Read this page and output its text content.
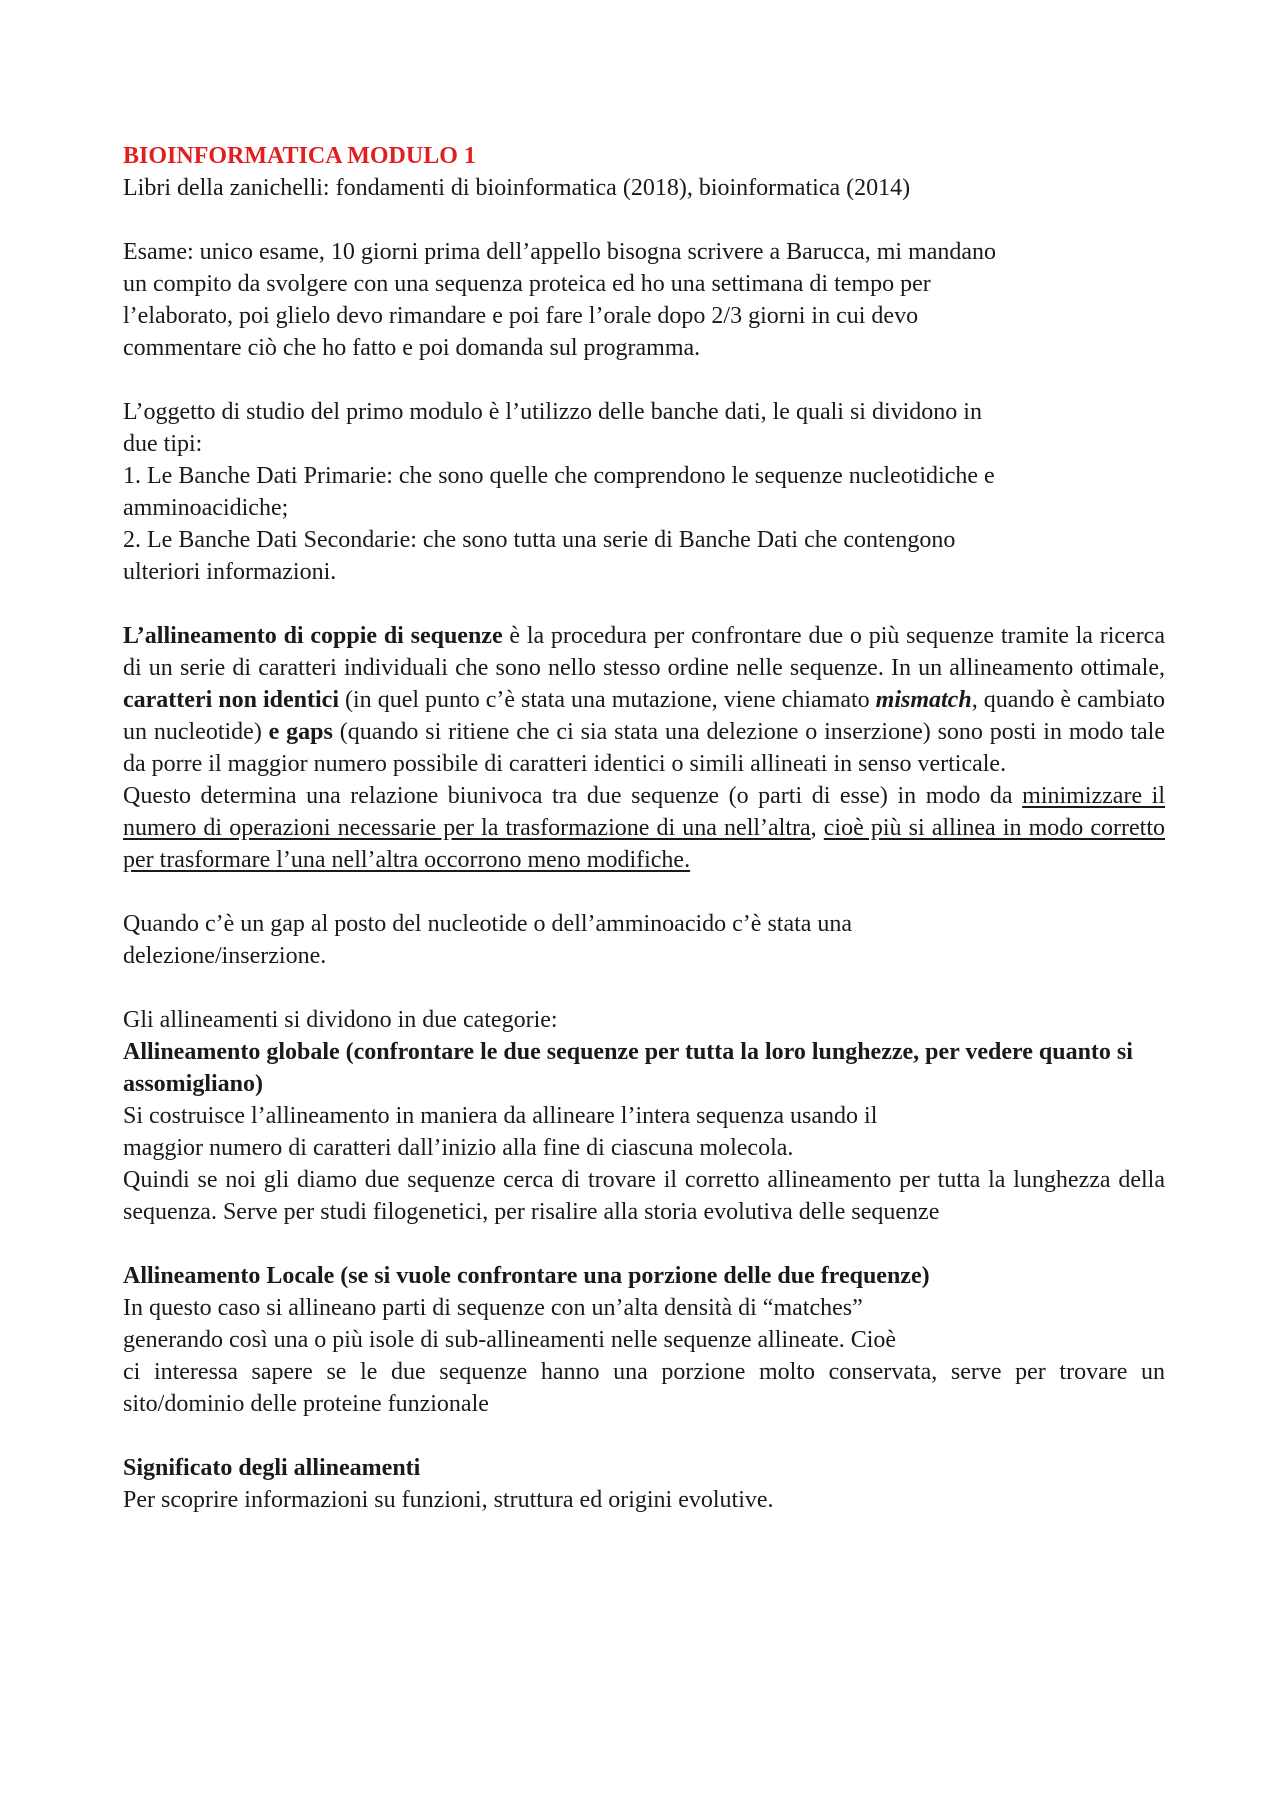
BIOINFORMATICA MODULO 1

Libri della zanichelli: fondamenti di bioinformatica (2018), bioinformatica (2014)

Esame: unico esame, 10 giorni prima dell’appello bisogna scrivere a Barucca, mi mandano

un compito da svolgere con una sequenza proteica ed ho una settimana di tempo per

l’elaborato, poi glielo devo rimandare e poi fare l’orale dopo 2/3 giorni in cui devo

commentare ciò che ho fatto e poi domanda sul programma.

L’oggetto di studio del primo modulo è l’utilizzo delle banche dati, le quali si dividono in

due tipi:

1. Le Banche Dati Primarie: che sono quelle che comprendono le sequenze nucleotidiche e

amminoacidiche;

2. Le Banche Dati Secondarie: che sono tutta una serie di Banche Dati che contengono

ulteriori informazioni.

L’allineamento di coppie di sequenze è la procedura per confrontare due o più sequenze tramite la ricerca di un serie di caratteri individuali che sono nello stesso ordine nelle sequenze. In un allineamento ottimale, caratteri non identici (in quel punto c’è stata una mutazione, viene chiamato mismatch, quando è cambiato un nucleotide) e gaps (quando si ritiene che ci sia stata una delezione o inserzione) sono posti in modo tale da porre il maggior numero possibile di caratteri identici o simili allineati in senso verticale.

Questo determina una relazione biunivoca tra due sequenze (o parti di esse) in modo da minimizzare il numero di operazioni necessarie per la trasformazione di una nell’altra, cioè più si allinea in modo corretto per trasformare l’una nell’altra occorrono meno modifiche.

Quando c’è un gap al posto del nucleotide o dell’amminoacido c’è stata una

delezione/inserzione.

Gli allineamenti si dividono in due categorie:

Allineamento globale (confrontare le due sequenze per tutta la loro lunghezze, per vedere quanto si assomigliano)

Si costruisce l’allineamento in maniera da allineare l’intera sequenza usando il

maggior numero di caratteri dall’inizio alla fine di ciascuna molecola.

Quindi se noi gli diamo due sequenze cerca di trovare il corretto allineamento per tutta la lunghezza della sequenza. Serve per studi filogenetici, per risalire alla storia evolutiva delle sequenze

Allineamento Locale (se si vuole confrontare una porzione delle due frequenze)

In questo caso si allineano parti di sequenze con un’alta densità di “matches”

generando così una o più isole di sub-allineamenti nelle sequenze allineate. Cioè

ci interessa sapere se le due sequenze hanno una porzione molto conservata, serve per trovare un sito/dominio delle proteine funzionale

Significato degli allineamenti

Per scoprire informazioni su funzioni, struttura ed origini evolutive.
